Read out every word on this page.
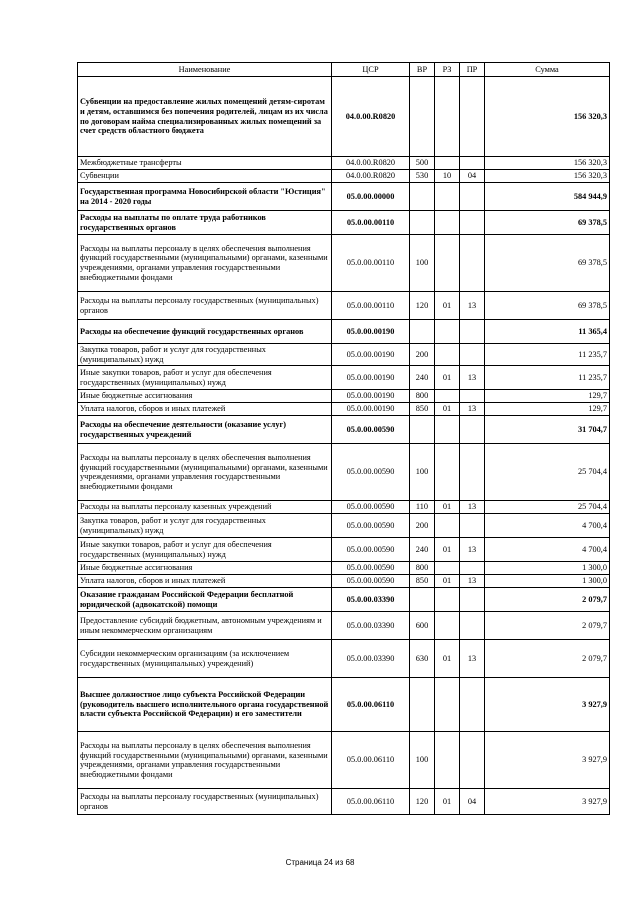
Наименование	ЦСР	ВР	РЗ	ПР	Сумма
Субвенции на предоставление жилых помещений детям-сиротам и детям, оставшимся без попечения родителей, лицам из их числа по договорам найма специализированных жилых помещений за счет средств областного бюджета	04.0.00.R0820				156 320,3
Межбюджетные трансферты	04.0.00.R0820	500			156 320,3
Субвенции	04.0.00.R0820	530	10	04	156 320,3
Государственная программа Новосибирской области "Юстиция" на 2014 - 2020 годы	05.0.00.00000				584 944,9
Расходы на выплаты по оплате труда работников государственных органов	05.0.00.00110				69 378,5
Расходы на выплаты персоналу в целях обеспечения выполнения функций государственными (муниципальными) органами, казенными учреждениями, органами управления государственными внебюджетными фондами	05.0.00.00110	100			69 378,5
Расходы на выплаты персоналу государственных (муниципальных) органов	05.0.00.00110	120	01	13	69 378,5
Расходы на обеспечение функций государственных органов	05.0.00.00190				11 365,4
Закупка товаров, работ и услуг для государственных (муниципальных) нужд	05.0.00.00190	200			11 235,7
Иные закупки товаров, работ и услуг для обеспечения государственных (муниципальных) нужд	05.0.00.00190	240	01	13	11 235,7
Иные бюджетные ассигнования	05.0.00.00190	800			129,7
Уплата налогов, сборов и иных платежей	05.0.00.00190	850	01	13	129,7
Расходы на обеспечение деятельности (оказание услуг) государственных учреждений	05.0.00.00590				31 704,7
Расходы на выплаты персоналу в целях обеспечения выполнения функций государственными (муниципальными) органами, казенными учреждениями, органами управления государственными внебюджетными фондами	05.0.00.00590	100			25 704,4
Расходы на выплаты персоналу казенных учреждений	05.0.00.00590	110	01	13	25 704,4
Закупка товаров, работ и услуг для государственных (муниципальных) нужд	05.0.00.00590	200			4 700,4
Иные закупки товаров, работ и услуг для обеспечения государственных (муниципальных) нужд	05.0.00.00590	240	01	13	4 700,4
Иные бюджетные ассигнования	05.0.00.00590	800			1 300,0
Уплата налогов, сборов и иных платежей	05.0.00.00590	850	01	13	1 300,0
Оказание гражданам Российской Федерации бесплатной юридической (адвокатской) помощи	05.0.00.03390				2 079,7
Предоставление субсидий бюджетным, автономным учреждениям и иным некоммерческим организациям	05.0.00.03390	600			2 079,7
Субсидии некоммерческим организациям (за исключением государственных (муниципальных) учреждений)	05.0.00.03390	630	01	13	2 079,7
Высшее должностное лицо субъекта Российской Федерации (руководитель высшего исполнительного органа государственной власти субъекта Российской Федерации) и его заместители	05.0.00.06110				3 927,9
Расходы на выплаты персоналу в целях обеспечения выполнения функций государственными (муниципальными) органами, казенными учреждениями, органами управления государственными внебюджетными фондами	05.0.00.06110	100			3 927,9
Расходы на выплаты персоналу государственных (муниципальных) органов	05.0.00.06110	120	01	04	3 927,9
Страница 24 из 68
